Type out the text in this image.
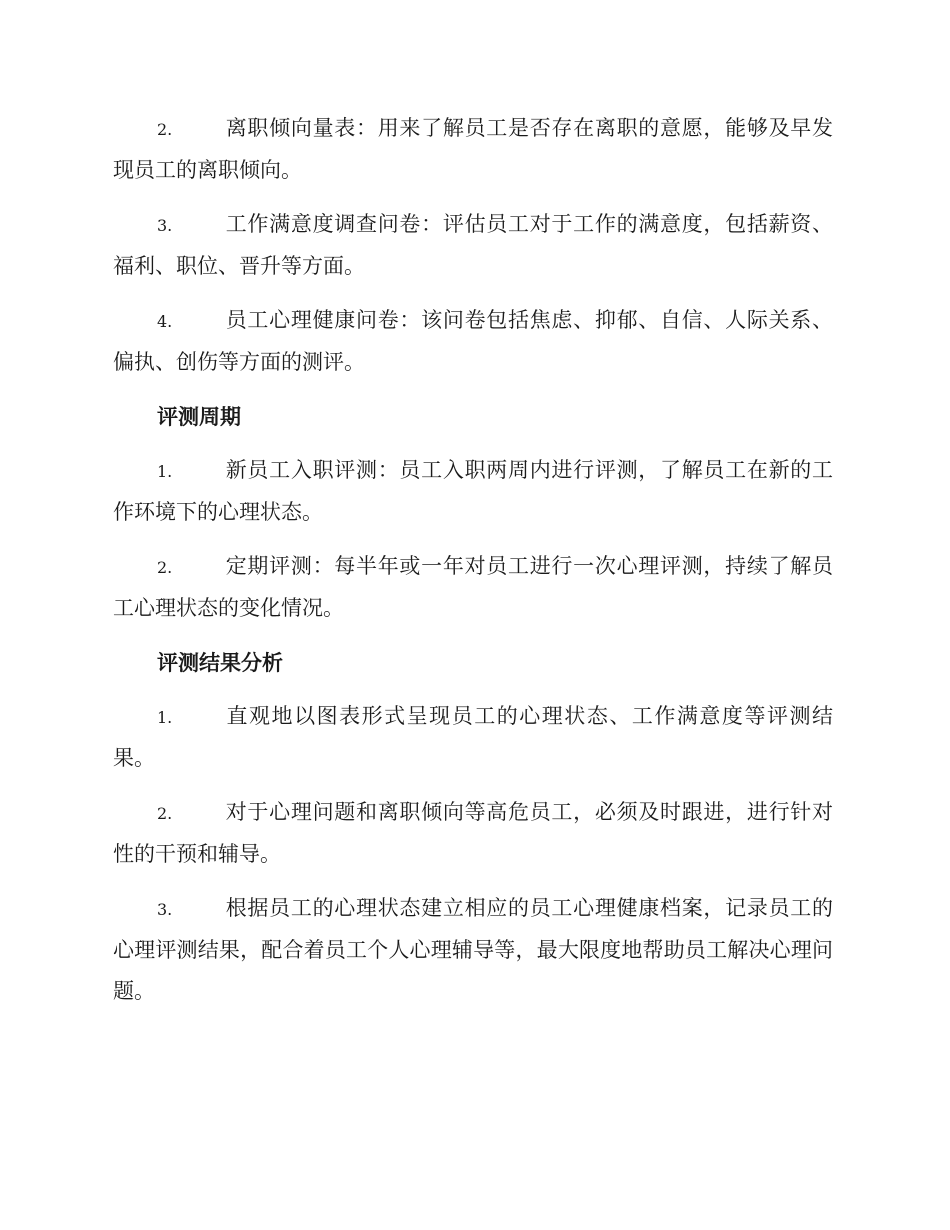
2.	离职倾向量表：用来了解员工是否存在离职的意愿，能够及早发现员工的离职倾向。

3.	工作满意度调查问卷：评估员工对于工作的满意度，包括薪资、福利、职位、晋升等方面。

4.	员工心理健康问卷：该问卷包括焦虑、抑郁、自信、人际关系、偏执、创伤等方面的测评。

评测周期

1.	新员工入职评测：员工入职两周内进行评测，了解员工在新的工作环境下的心理状态。

2.	定期评测：每半年或一年对员工进行一次心理评测，持续了解员工心理状态的变化情况。

评测结果分析

1.	直观地以图表形式呈现员工的心理状态、工作满意度等评测结果。

2.	对于心理问题和离职倾向等高危员工，必须及时跟进，进行针对性的干预和辅导。

3.	根据员工的心理状态建立相应的员工心理健康档案，记录员工的心理评测结果，配合着员工个人心理辅导等，最大限度地帮助员工解决心理问题。
